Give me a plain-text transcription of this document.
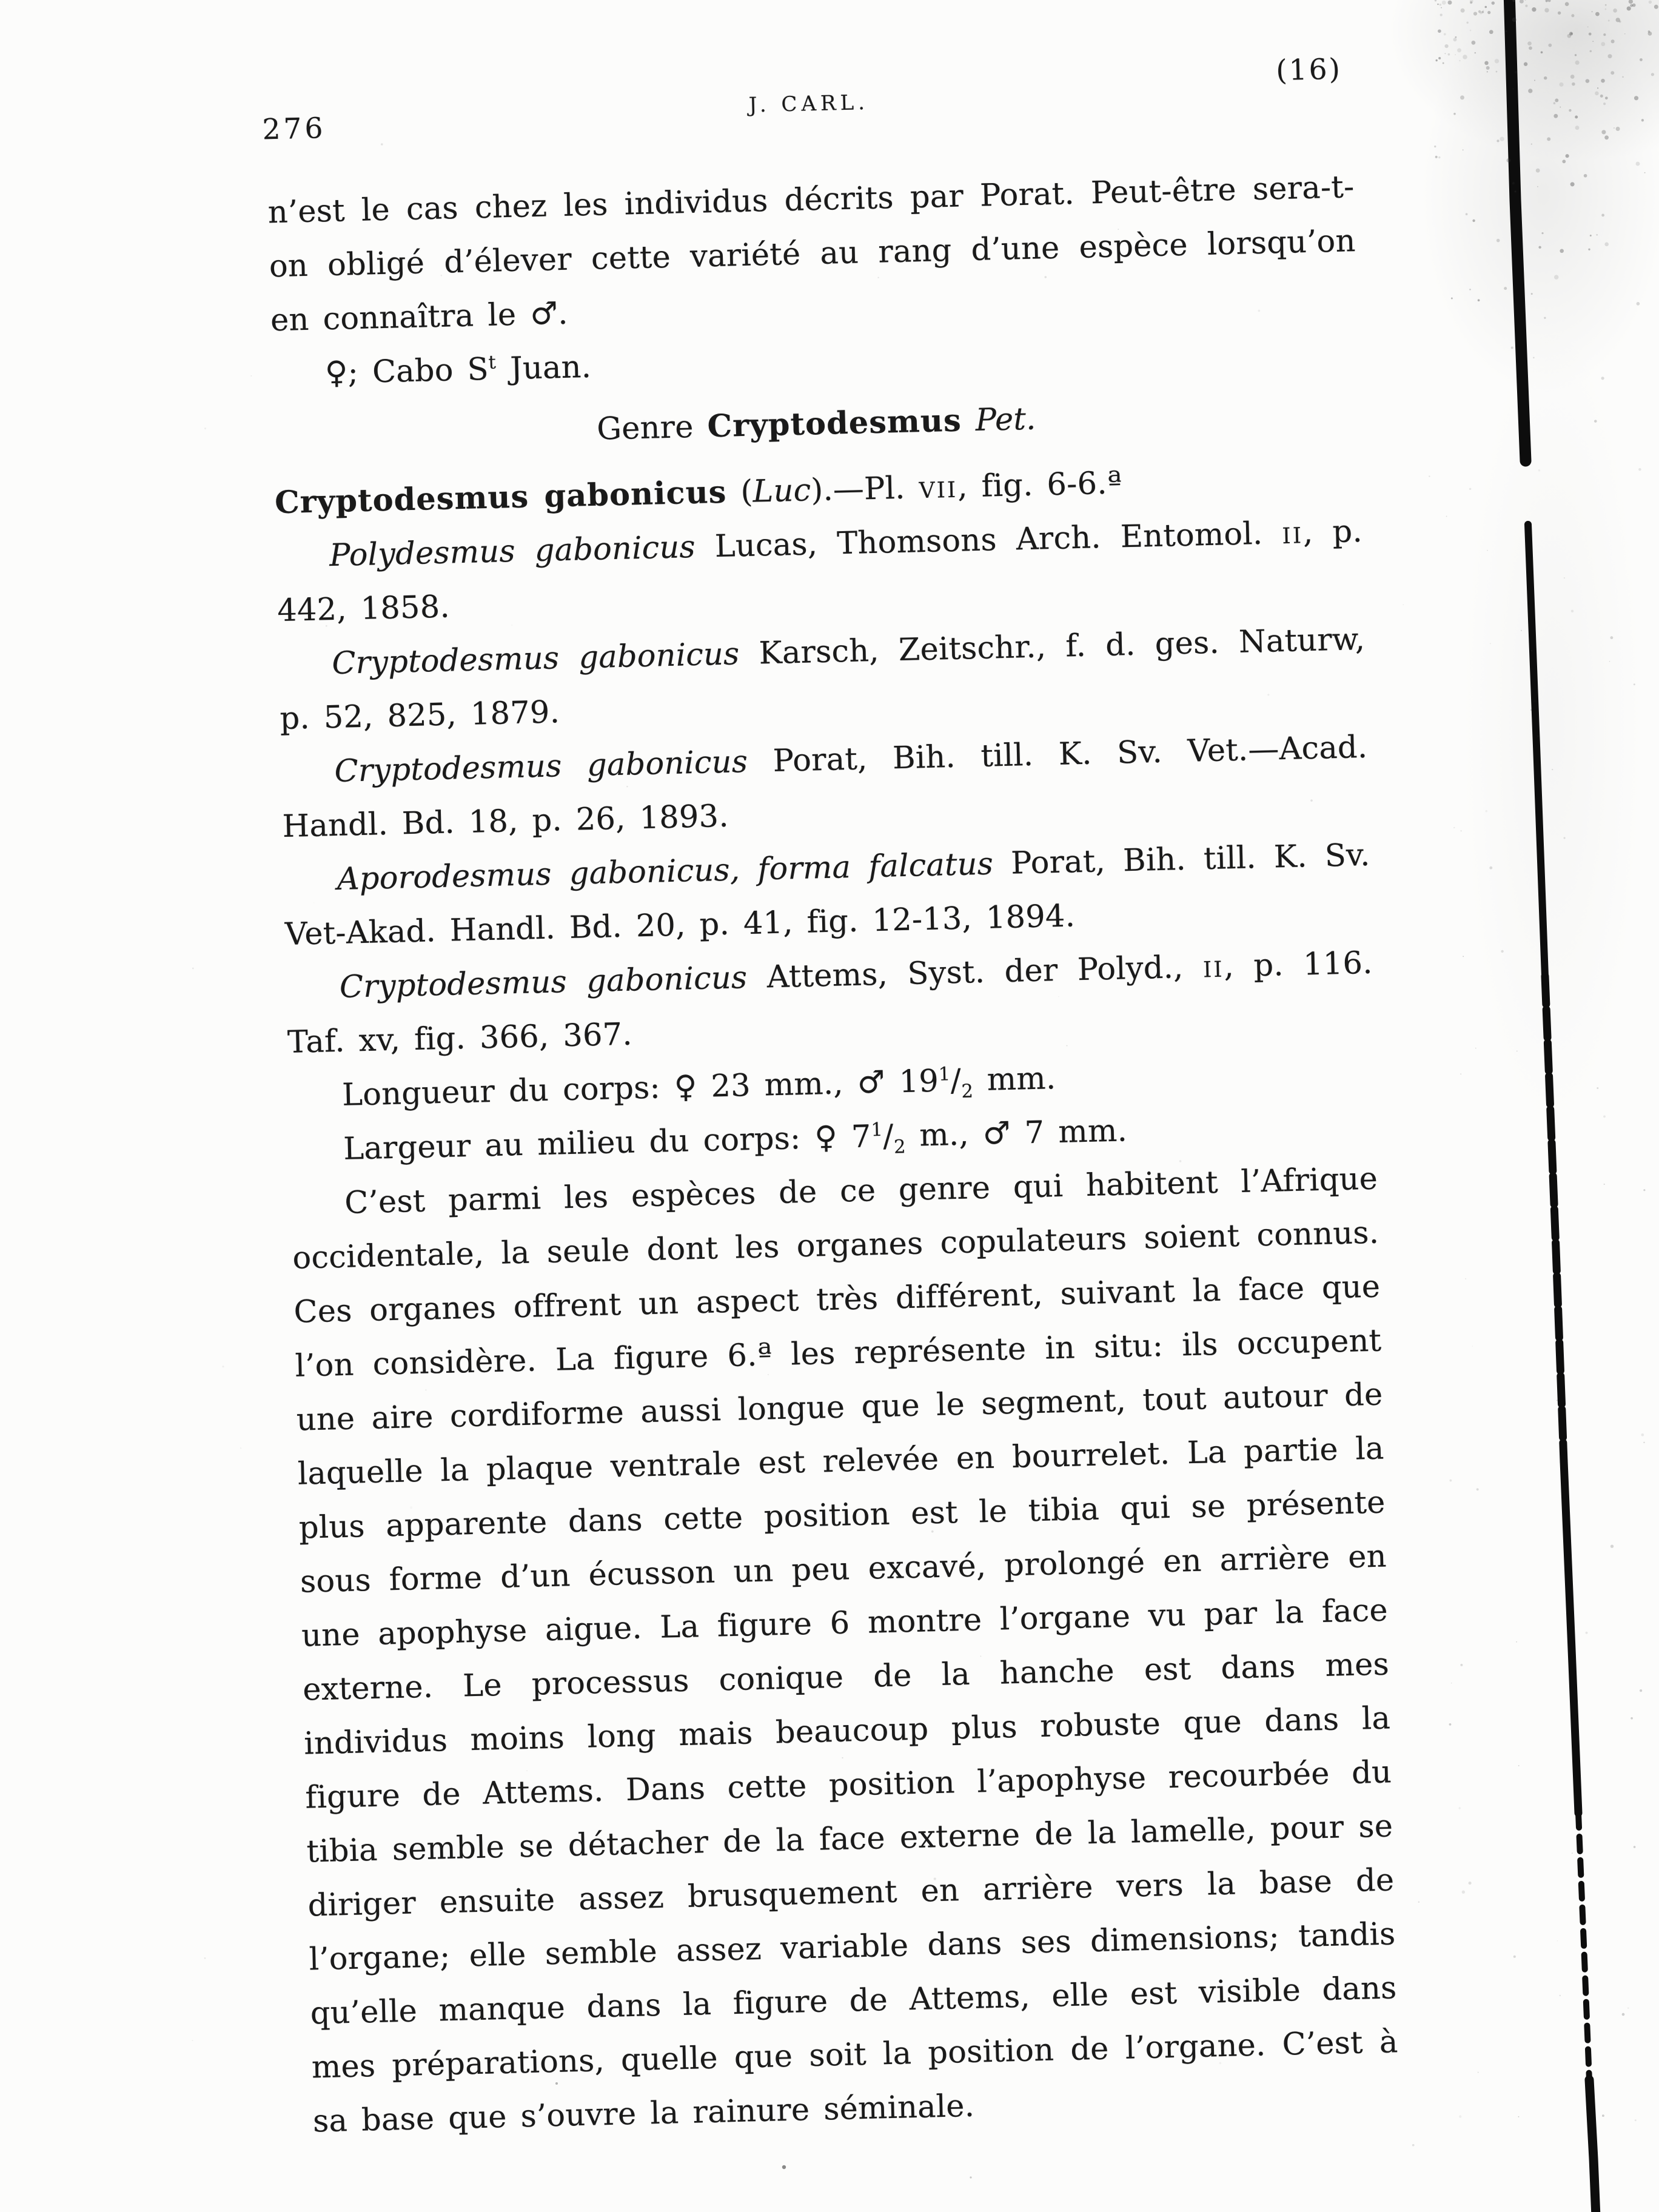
276
J. CARL.
(16)

n’est le cas chez les individus décrits par Porat. Peut-être sera-t-on obligé d’élever cette variété au rang d’une espèce lorsqu’on en connaîtra le ♂.

♀; Cabo $S^t$ Juan.

Genre Cryptodesmus Pet.

Cryptodesmus gabonicus (Luc).—Pl. vii, fig. 6-6.ª

Polydesmus gabonicus Lucas, Thomsons Arch. Entomol. ii, p. 442, 1858.

Cryptodesmus gabonicus Karsch, Zeitschr., f. d. ges. Naturw, p. 52, 825, 1879.

Cryptodesmus gabonicus Porat, Bih. till. K. Sv. Vet.—Acad. Handl. Bd. 18, p. 26, 1893.

Aporodesmus gabonicus, forma falcatus Porat, Bih. till. K. Sv. Vet-Akad. Handl. Bd. 20, p. 41, fig. 12-13, 1894.

Cryptodesmus gabonicus Attems, Syst. der Polyd., ii, p. 116. Taf. xv, fig. 366, 367.

Longueur du corps: ♀ 23 mm., ♂ $19^1/_2$ mm.

Largeur au milieu du corps: ♀ $7^1/_2$ m., ♂ 7 mm.

C’est parmi les espèces de ce genre qui habitent l’Afrique occidentale, la seule dont les organes copulateurs soient connus. Ces organes offrent un aspect très différent, suivant la face que l’on considère. La figure 6.ª les représente in situ: ils occupent une aire cordiforme aussi longue que le segment, tout autour de laquelle la plaque ventrale est relevée en bourrelet. La partie la plus apparente dans cette position est le tibia qui se présente sous forme d’un écusson un peu excavé, prolongé en arrière en une apophyse aigue. La figure 6 montre l’organe vu par la face externe. Le processus conique de la hanche est dans mes individus moins long mais beaucoup plus robuste que dans la figure de Attems. Dans cette position l’apophyse recourbée du tibia semble se détacher de la face externe de la lamelle, pour se diriger ensuite assez brusquement en arrière vers la base de l’organe; elle semble assez variable dans ses dimensions; tandis qu’elle manque dans la figure de Attems, elle est visible dans mes préparations, quelle que soit la position de l’organe. C’est à sa base que s’ouvre la rainure séminale.
